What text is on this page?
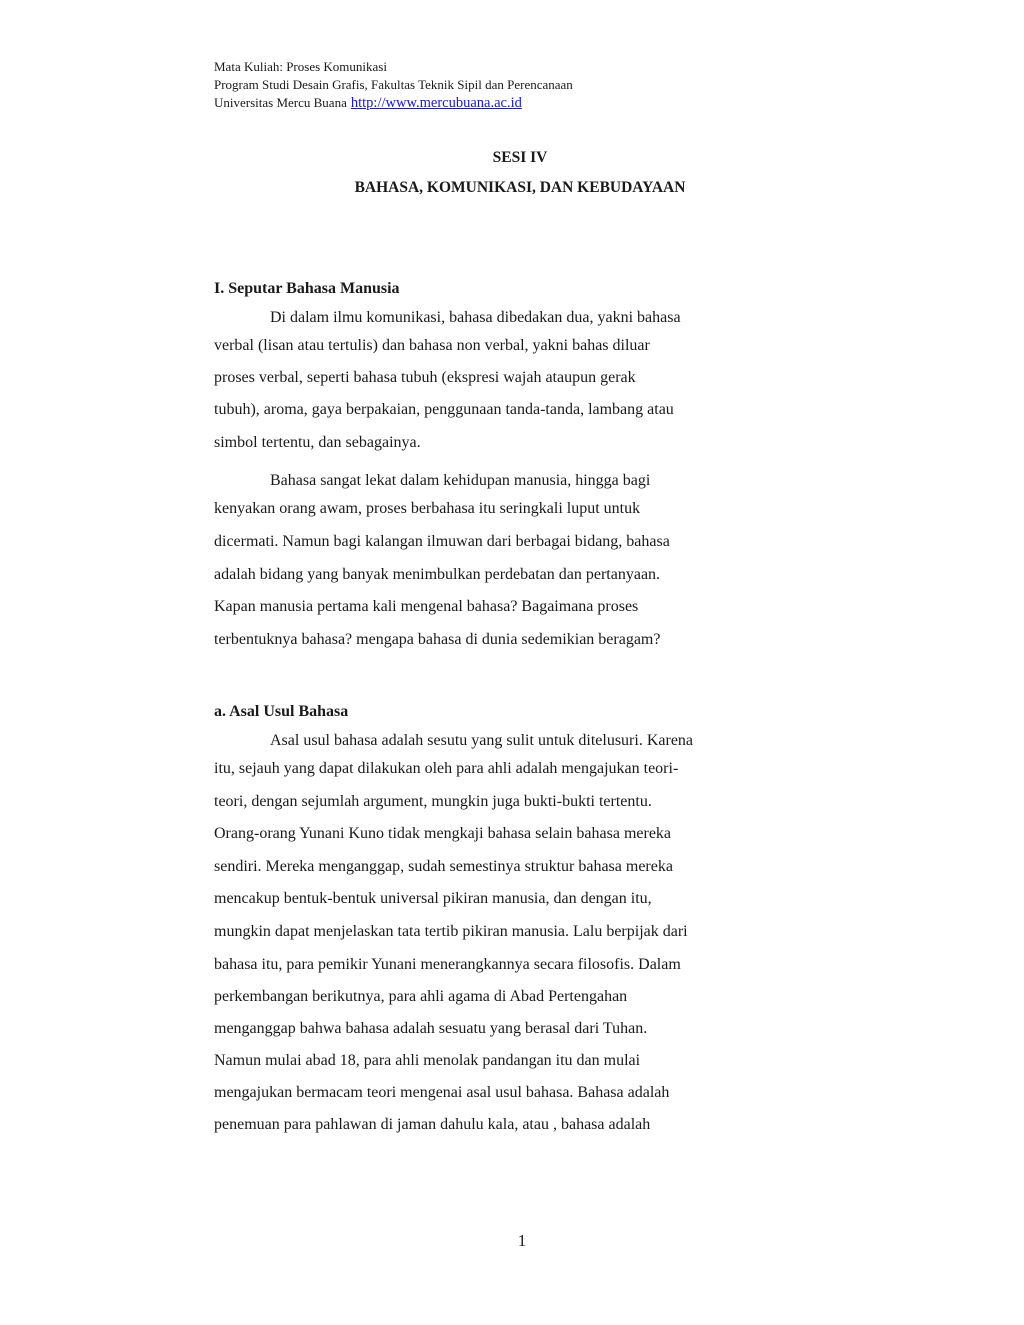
Mata Kuliah: Proses Komunikasi
Program Studi Desain Grafis, Fakultas Teknik Sipil dan Perencanaan
Universitas Mercu Buana http://www.mercubuana.ac.id
SESI IV
BAHASA, KOMUNIKASI, DAN KEBUDAYAAN
I. Seputar Bahasa Manusia
Di dalam ilmu komunikasi, bahasa dibedakan dua, yakni bahasa
verbal (lisan atau tertulis) dan bahasa non verbal, yakni bahas diluar
proses verbal, seperti bahasa tubuh (ekspresi wajah ataupun gerak
tubuh), aroma, gaya berpakaian, penggunaan tanda-tanda, lambang atau
simbol tertentu, dan sebagainya.
Bahasa sangat lekat dalam kehidupan manusia, hingga bagi
kenyakan orang awam, proses berbahasa itu seringkali luput untuk
dicermati. Namun bagi kalangan ilmuwan dari berbagai bidang, bahasa
adalah bidang yang banyak menimbulkan perdebatan dan pertanyaan.
Kapan manusia pertama kali mengenal bahasa? Bagaimana proses
terbentuknya bahasa? mengapa bahasa di dunia sedemikian beragam?
a. Asal Usul Bahasa
Asal usul bahasa adalah sesutu yang sulit untuk ditelusuri. Karena
itu, sejauh yang dapat dilakukan oleh para ahli adalah mengajukan teori-
teori, dengan sejumlah argument, mungkin juga bukti-bukti tertentu.
Orang-orang Yunani Kuno tidak mengkaji bahasa selain bahasa mereka
sendiri. Mereka menganggap, sudah semestinya struktur bahasa mereka
mencakup bentuk-bentuk universal pikiran manusia, dan dengan itu,
mungkin dapat menjelaskan tata tertib pikiran manusia. Lalu berpijak dari
bahasa itu, para pemikir Yunani menerangkannya secara filosofis. Dalam
perkembangan berikutnya, para ahli agama di Abad Pertengahan
menganggap bahwa bahasa adalah sesuatu yang berasal dari Tuhan.
Namun mulai abad 18, para ahli menolak pandangan itu dan mulai
mengajukan bermacam teori mengenai asal usul bahasa. Bahasa adalah
penemuan para pahlawan di jaman dahulu kala, atau , bahasa adalah
1
